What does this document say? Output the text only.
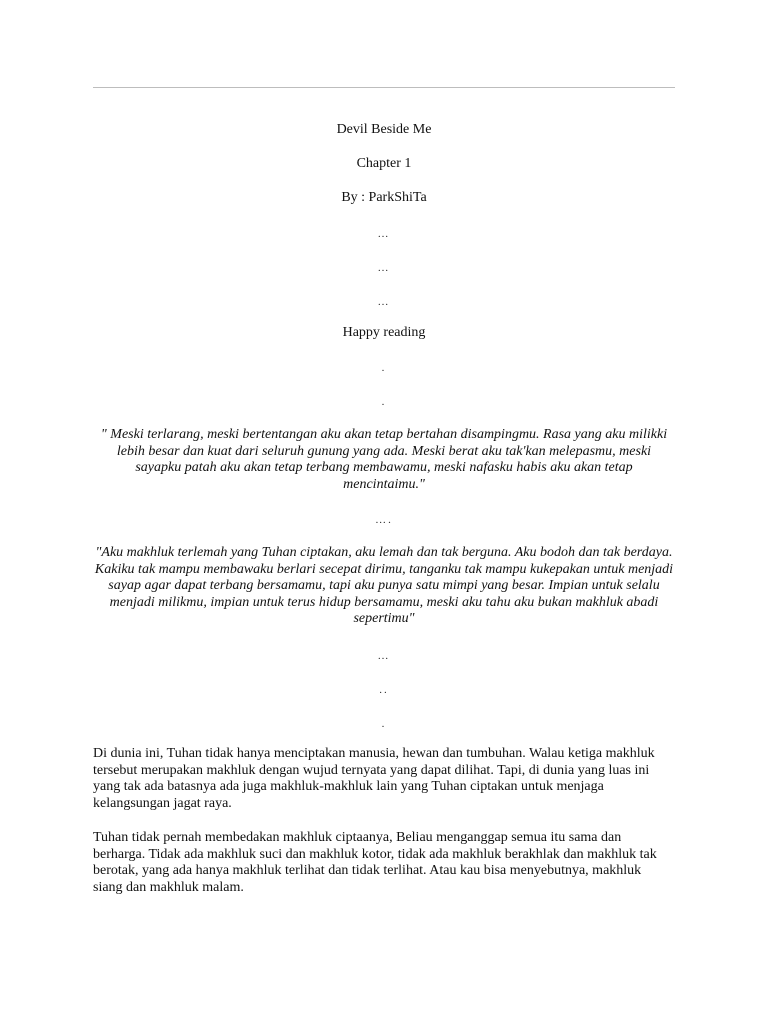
Devil Beside Me
Chapter 1
By : ParkShiTa
…
…
…
Happy reading
.
.
" Meski terlarang, meski bertentangan aku akan tetap bertahan disampingmu. Rasa yang aku milikki lebih besar dan kuat dari seluruh gunung yang ada. Meski berat aku tak'kan melepasmu, meski sayapku patah aku akan tetap terbang membawamu, meski nafasku habis aku akan tetap mencintaimu."
….
"Aku makhluk terlemah yang Tuhan ciptakan, aku lemah dan tak berguna. Aku bodoh dan tak berdaya. Kakiku tak mampu membawaku berlari secepat dirimu, tanganku tak mampu kukepakan untuk menjadi sayap agar dapat terbang bersamamu, tapi aku punya satu mimpi yang besar. Impian untuk selalu menjadi milikmu, impian untuk terus hidup bersamamu, meski aku tahu aku bukan makhluk abadi sepertimu"
…
..
.
Di dunia ini, Tuhan tidak hanya menciptakan manusia, hewan dan tumbuhan. Walau ketiga makhluk tersebut merupakan makhluk dengan wujud ternyata yang dapat dilihat. Tapi, di dunia yang luas ini yang tak ada batasnya ada juga makhluk-makhluk lain yang Tuhan ciptakan untuk menjaga kelangsungan jagat raya.
Tuhan tidak pernah membedakan makhluk ciptaanya, Beliau menganggap semua itu sama dan berharga. Tidak ada makhluk suci dan makhluk kotor, tidak ada makhluk berakhlak dan makhluk tak berotak, yang ada hanya makhluk terlihat dan tidak terlihat. Atau kau bisa menyebutnya, makhluk siang dan makhluk malam.
